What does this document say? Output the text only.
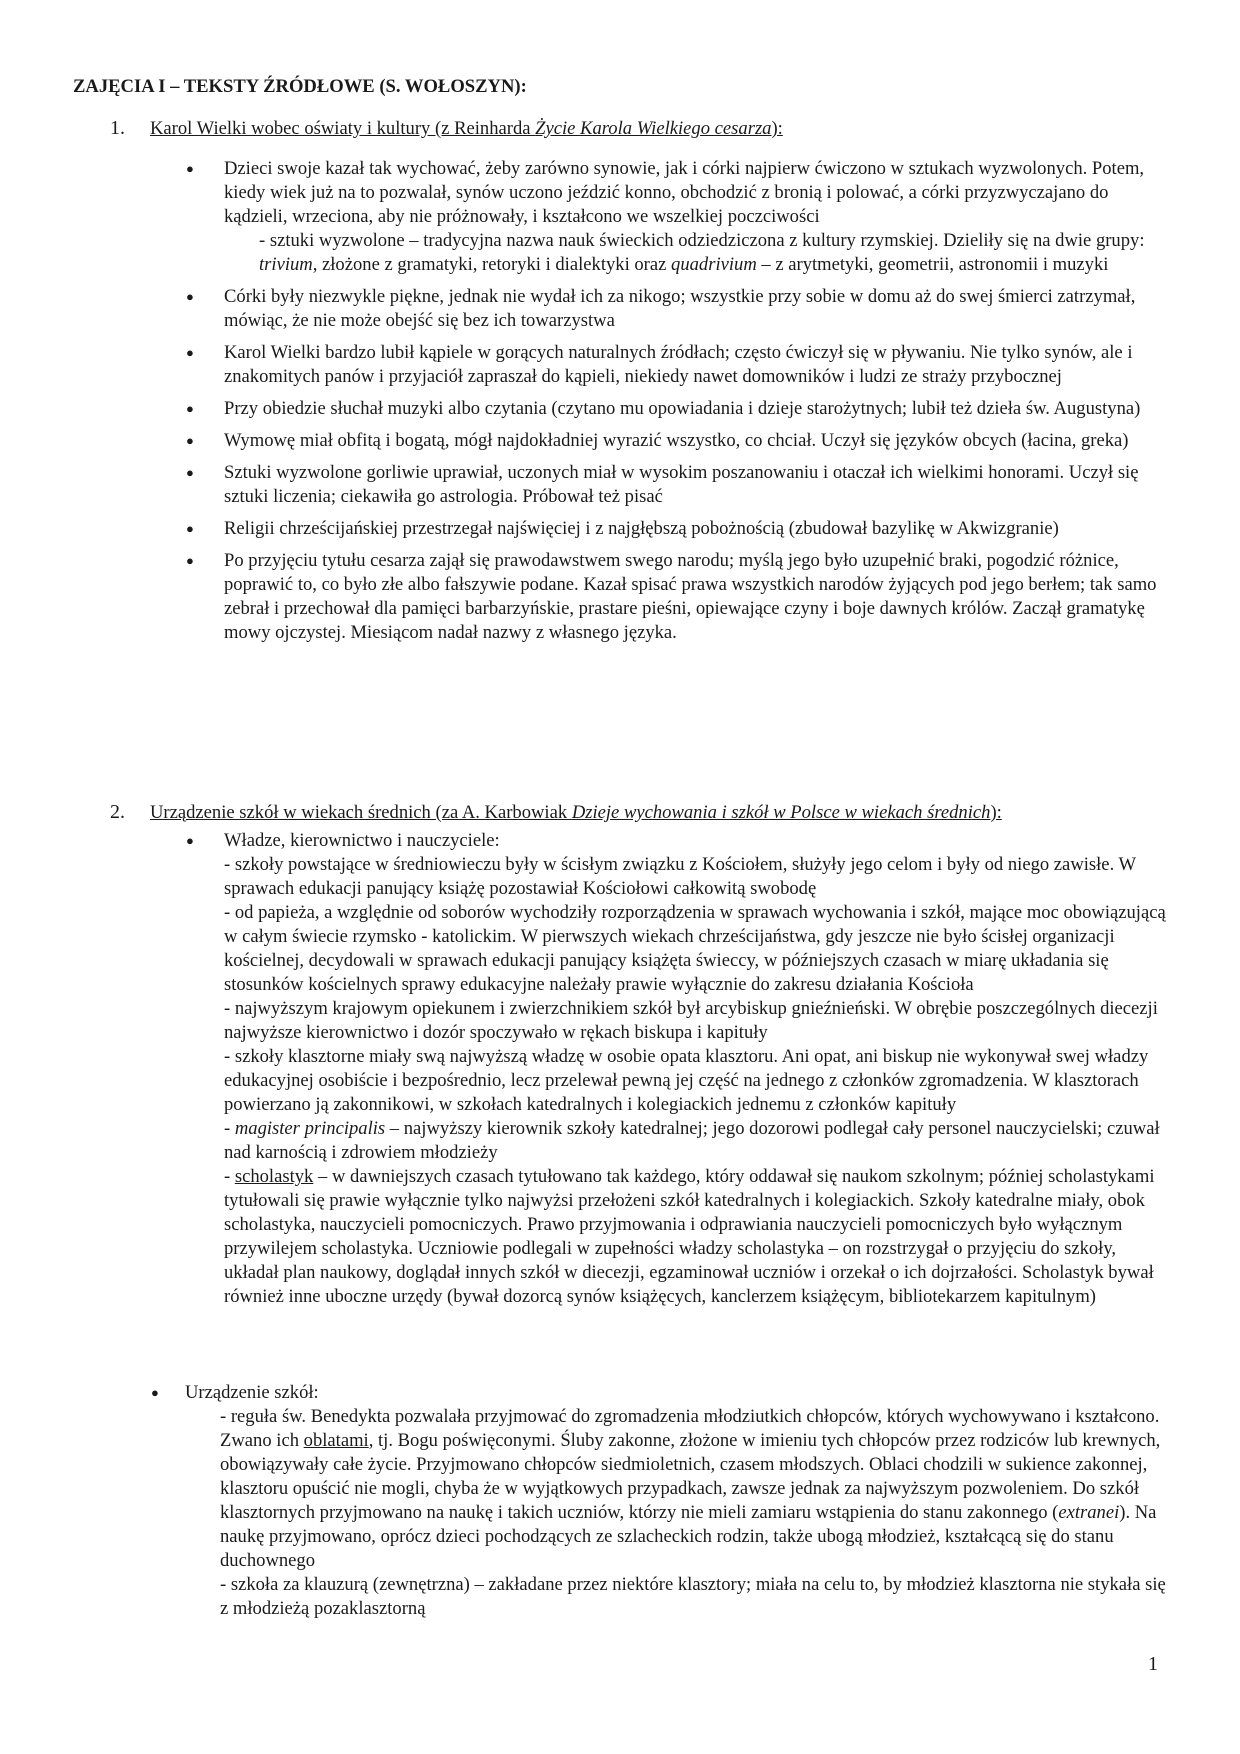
ZAJĘCIA I – TEKSTY ŹRÓDŁOWE (S. WOŁOSZYN):

1. Karol Wielki wobec oświaty i kultury (z Reinharda Życie Karola Wielkiego cesarza):

● Dzieci swoje kazał tak wychować, żeby zarówno synowie, jak i córki najpierw ćwiczono w sztukach wyzwolonych. Potem, kiedy wiek już na to pozwalał, synów uczono jeździć konno, obchodzić z bronią i polować, a córki przyzwyczajano do kądzieli, wrzeciona, aby nie próżnowały, i kształcono we wszelkiej poczciwości
- sztuki wyzwolone – tradycyjna nazwa nauk świeckich odziedziczona z kultury rzymskiej. Dzieliły się na dwie grupy: trivium, złożone z gramatyki, retoryki i dialektyki oraz quadrivium – z arytmetyki, geometrii, astronomii i muzyki
● Córki były niezwykle piękne, jednak nie wydał ich za nikogo; wszystkie przy sobie w domu aż do swej śmierci zatrzymał, mówiąc, że nie może obejść się bez ich towarzystwa
● Karol Wielki bardzo lubił kąpiele w gorących naturalnych źródłach; często ćwiczył się w pływaniu. Nie tylko synów, ale i znakomitych panów i przyjaciół zapraszał do kąpieli, niekiedy nawet domowników i ludzi ze straży przybocznej
● Przy obiedzie słuchał muzyki albo czytania (czytano mu opowiadania i dzieje starożytnych; lubił też dzieła św. Augustyna)
● Wymowę miał obfitą i bogatą, mógł najdokładniej wyrazić wszystko, co chciał. Uczył się języków obcych (łacina, greka)
● Sztuki wyzwolone gorliwie uprawiał, uczonych miał w wysokim poszanowaniu i otaczał ich wielkimi honorami. Uczył się sztuki liczenia; ciekawiła go astrologia. Próbował też pisać
● Religii chrześcijańskiej przestrzegał najświęciej i z najgłębszą pobożnością (zbudował bazylikę w Akwizgranie)
● Po przyjęciu tytułu cesarza zajął się prawodawstwem swego narodu; myślą jego było uzupełnić braki, pogodzić różnice, poprawić to, co było złe albo fałszywie podane. Kazał spisać prawa wszystkich narodów żyjących pod jego berłem; tak samo zebrał i przechował dla pamięci barbarzyńskie, prastare pieśni, opiewające czyny i boje dawnych królów. Zaczął gramatykę mowy ojczystej. Miesiącom nadał nazwy z własnego języka.

2. Urządzenie szkół w wiekach średnich (za A. Karbowiak Dzieje wychowania i szkół w Polsce w wiekach średnich):

● Władze, kierownictwo i nauczyciele:
- szkoły powstające w średniowieczu były w ścisłym związku z Kościołem, służyły jego celom i były od niego zawisłe. W sprawach edukacji panujący książę pozostawiał Kościołowi całkowitą swobodę
- od papieża, a względnie od soborów wychodziły rozporządzenia w sprawach wychowania i szkół, mające moc obowiązującą w całym świecie rzymsko - katolickim. W pierwszych wiekach chrześcijaństwa, gdy jeszcze nie było ścisłej organizacji kościelnej, decydowali w sprawach edukacji panujący książęta świeccy, w późniejszych czasach w miarę układania się stosunków kościelnych sprawy edukacyjne należały prawie wyłącznie do zakresu działania Kościoła
- najwyższym krajowym opiekunem i zwierzchnikiem szkół był arcybiskup gnieźnieński. W obrębie poszczególnych diecezji najwyższe kierownictwo i dozór spoczywało w rękach biskupa i kapituły
- szkoły klasztorne miały swą najwyższą władzę w osobie opata klasztoru. Ani opat, ani biskup nie wykonywał swej władzy edukacyjnej osobiście i bezpośrednio, lecz przelewał pewną jej część na jednego z członków zgromadzenia. W klasztorach powierzano ją zakonnikowi, w szkołach katedralnych i kolegiackich jednemu z członków kapituły
- magister principalis – najwyższy kierownik szkoły katedralnej; jego dozorowi podlegał cały personel nauczycielski; czuwał nad karnością i zdrowiem młodzieży
- scholastyk – w dawniejszych czasach tytułowano tak każdego, który oddawał się naukom szkolnym; później scholastykami tytułowali się prawie wyłącznie tylko najwyżsi przełożeni szkół katedralnych i kolegiackich. Szkoły katedralne miały, obok scholastyka, nauczycieli pomocniczych. Prawo przyjmowania i odprawiania nauczycieli pomocniczych było wyłącznym przywilejem scholastyka. Uczniowie podlegali w zupełności władzy scholastyka – on rozstrzygał o przyjęciu do szkoły, układał plan naukowy, doglądał innych szkół w diecezji, egzaminował uczniów i orzekał o ich dojrzałości. Scholastyk bywał również inne uboczne urzędy (bywał dozorcą synów książęcych, kanclerzem książęcym, bibliotekarzem kapitulnym)
● Urządzenie szkół:
- reguła św. Benedykta pozwalała przyjmować do zgromadzenia młodziutkich chłopców, których wychowywano i kształcono. Zwano ich oblatami, tj. Bogu poświęconymi. Śluby zakonne, złożone w imieniu tych chłopców przez rodziców lub krewnych, obowiązywały całe życie. Przyjmowano chłopców siedmioletnich, czasem młodszych. Oblaci chodzili w sukience zakonnej, klasztoru opuścić nie mogli, chyba że w wyjątkowych przypadkach, zawsze jednak za najwyższym pozwoleniem. Do szkół klasztornych przyjmowano na naukę i takich uczniów, którzy nie mieli zamiaru wstąpienia do stanu zakonnego (extranei). Na naukę przyjmowano, oprócz dzieci pochodzących ze szlacheckich rodzin, także ubogą młodzież, kształcącą się do stanu duchownego
- szkoła za klauzurą (zewnętrzna) – zakładane przez niektóre klasztory; miała na celu to, by młodzież klasztorna nie stykała się z młodzieżą pozaklasztorną
1
